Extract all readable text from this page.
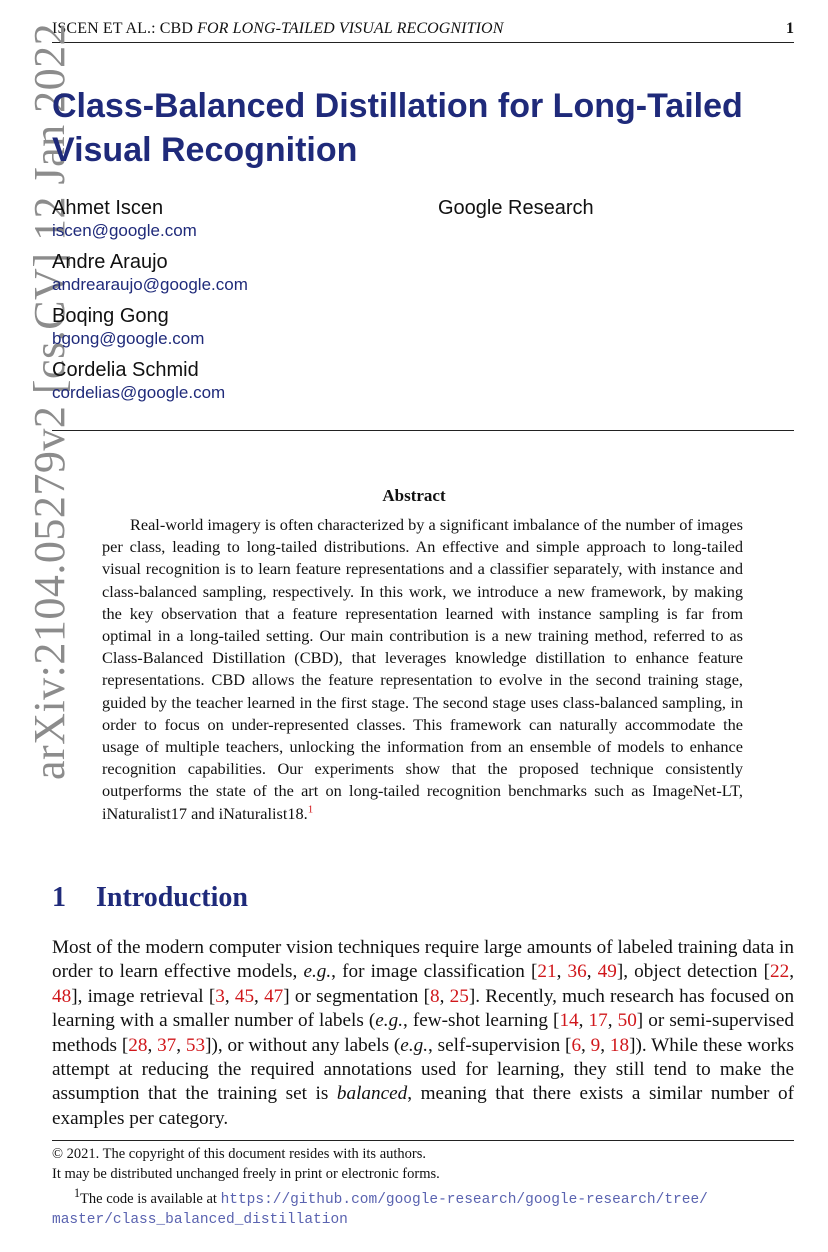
ISCEN ET AL.: CBD FOR LONG-TAILED VISUAL RECOGNITION	1
arXiv:2104.05279v2 [cs.CV] 12 Jan 2022
Class-Balanced Distillation for Long-Tailed
Visual Recognition
Ahmet Iscen
iscen@google.com
Andre Araujo
andrearaujo@google.com
Boqing Gong
bgong@google.com
Cordelia Schmid
cordelias@google.com
Google Research
Abstract
Real-world imagery is often characterized by a significant imbalance of the number of images per class, leading to long-tailed distributions. An effective and simple approach to long-tailed visual recognition is to learn feature representations and a classifier separately, with instance and class-balanced sampling, respectively. In this work, we introduce a new framework, by making the key observation that a feature representation learned with instance sampling is far from optimal in a long-tailed setting. Our main contribution is a new training method, referred to as Class-Balanced Distillation (CBD), that leverages knowledge distillation to enhance feature representations. CBD allows the feature representation to evolve in the second training stage, guided by the teacher learned in the first stage. The second stage uses class-balanced sampling, in order to focus on under-represented classes. This framework can naturally accommodate the usage of multiple teachers, unlocking the information from an ensemble of models to enhance recognition capabilities. Our experiments show that the proposed technique consistently outperforms the state of the art on long-tailed recognition benchmarks such as ImageNet-LT, iNaturalist17 and iNaturalist18.$^1$
1 Introduction
Most of the modern computer vision techniques require large amounts of labeled training data in order to learn effective models, e.g., for image classification [21, 36, 49], object detection [22, 48], image retrieval [3, 45, 47] or segmentation [8, 25]. Recently, much research has focused on learning with a smaller number of labels (e.g., few-shot learning [14, 17, 50] or semi-supervised methods [28, 37, 53]), or without any labels (e.g., self-supervision [6, 9, 18]). While these works attempt at reducing the required annotations used for learning, they still tend to make the assumption that the training set is balanced, meaning that there exists a similar number of examples per category.
© 2021. The copyright of this document resides with its authors.
It may be distributed unchanged freely in print or electronic forms.
$^1$The code is available at https://github.com/google-research/google-research/tree/
master/class_balanced_distillation
